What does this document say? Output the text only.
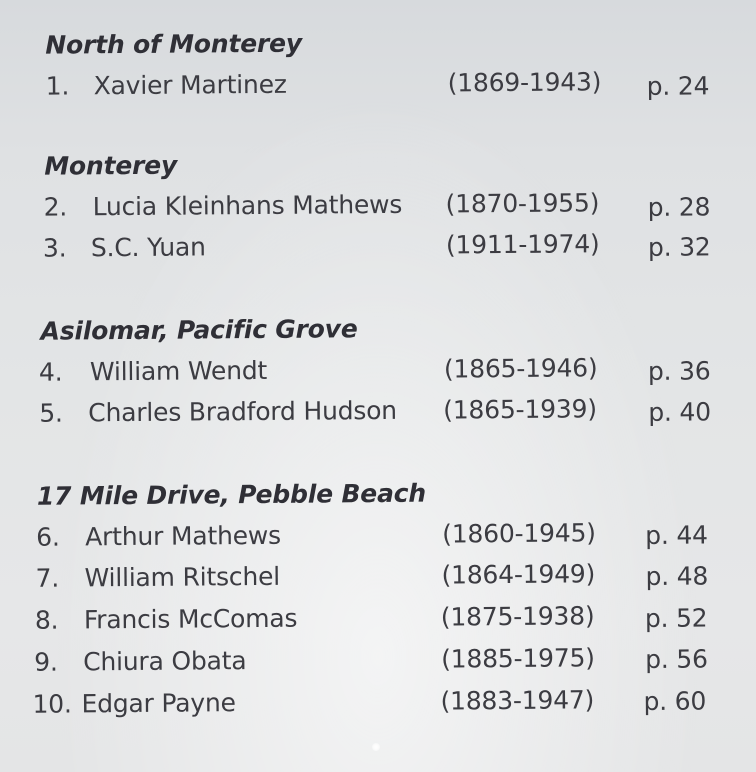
North of Monterey
1. Xavier Martinez	(1869-1943) p. 24
Monterey
2. Lucia Kleinhans Mathews (1870-1955) p. 28
3. S.C. Yuan	(1911-1974) p. 32
Asilomar, Pacific Grove
4. William Wendt	(1865-1946) p. 36
5. Charles Bradford Hudson (1865-1939) p. 40
17 Mile Drive, Pebble Beach
6. Arthur Mathews	(1860-1945) p. 44
7. William Ritschel	(1864-1949) p. 48
8. Francis McComas	(1875-1938) p. 52
9. Chiura Obata	(1885-1975) p. 56
10. Edgar Payne	(1883-1947) p. 60
